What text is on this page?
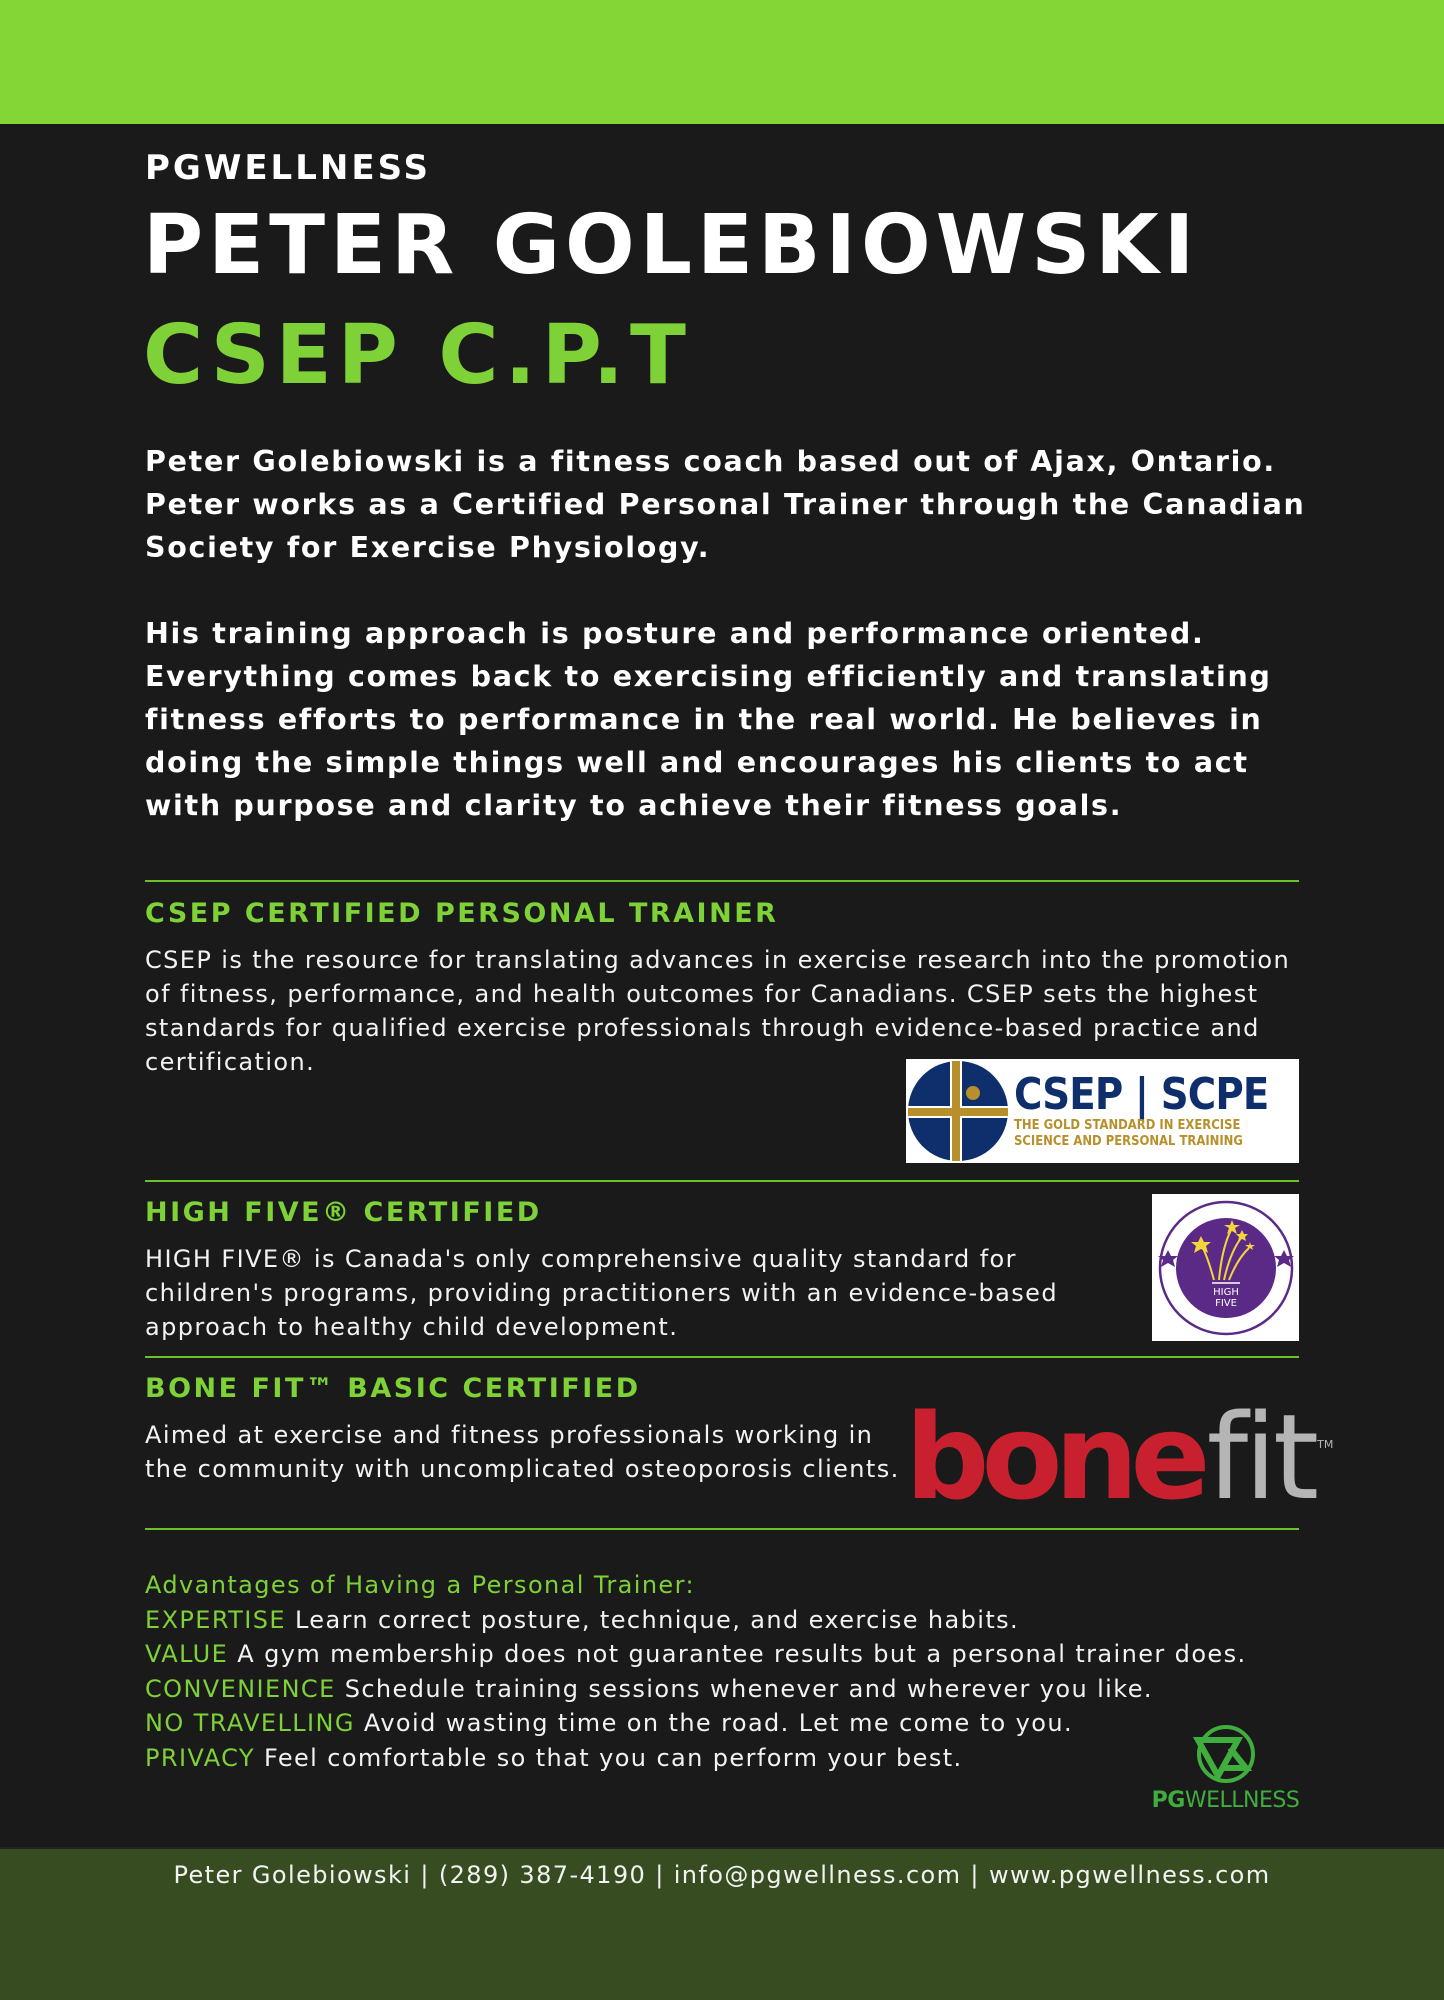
PGWELLNESS
PETER GOLEBIOWSKI
CSEP C.P.T

Peter Golebiowski is a fitness coach based out of Ajax, Ontario. Peter works as a Certified Personal Trainer through the Canadian Society for Exercise Physiology.

His training approach is posture and performance oriented. Everything comes back to exercising efficiently and translating fitness efforts to performance in the real world. He believes in doing the simple things well and encourages his clients to act with purpose and clarity to achieve their fitness goals.

CSEP CERTIFIED PERSONAL TRAINER
CSEP is the resource for translating advances in exercise research into the promotion of fitness, performance, and health outcomes for Canadians. CSEP sets the highest standards for qualified exercise professionals through evidence-based practice and certification.
CSEP | SCPE
THE GOLD STANDARD IN EXERCISE
SCIENCE AND PERSONAL TRAINING
HIGH FIVE® CERTIFIED
HIGH FIVE® is Canada's only comprehensive quality standard for children's programs, providing practitioners with an evidence-based approach to healthy child development.
HIGH
FIVE
BONE FIT™ BASIC CERTIFIED
Aimed at exercise and fitness professionals working in the community with uncomplicated osteoporosis clients. bone fit TM
Advantages of Having a Personal Trainer:
EXPERTISE Learn correct posture, technique, and exercise habits.
VALUE A gym membership does not guarantee results but a personal trainer does.
CONVENIENCE Schedule training sessions whenever and wherever you like.
NO TRAVELLING Avoid wasting time on the road. Let me come to you.
PRIVACY Feel comfortable so that you can perform your best.
PGWELLNESS
Peter Golebiowski | (289) 387-4190 | info@pgwellness.com | www.pgwellness.com
